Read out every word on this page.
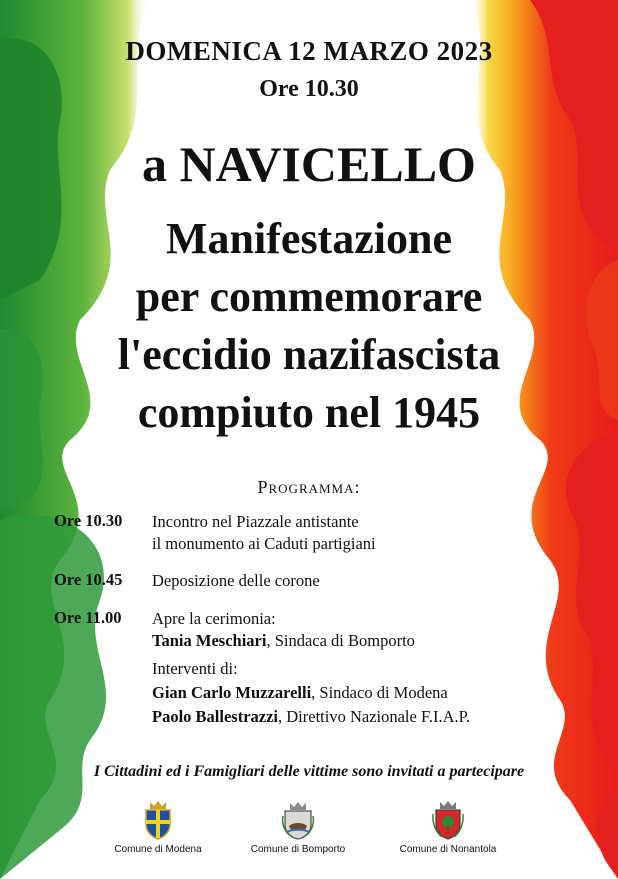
DOMENICA 12 MARZO 2023
Ore 10.30
a NAVICELLO
Manifestazione
per commemorare
l'eccidio nazifascista
compiuto nel 1945
Programma:
Ore 10.30 Incontro nel Piazzale antistante
il monumento ai Caduti partigiani
Ore 10.45 Deposizione delle corone
Ore 11.00 Apre la cerimonia:
Tania Meschiari, Sindaca di Bomporto
Interventi di:
Gian Carlo Muzzarelli, Sindaco di Modena
Paolo Ballestrazzi, Direttivo Nazionale F.I.A.P.
I Cittadini ed i Famigliari delle vittime sono invitati a partecipare
Comune di Modena	Comune di Bomporto	Comune di Nonantola
